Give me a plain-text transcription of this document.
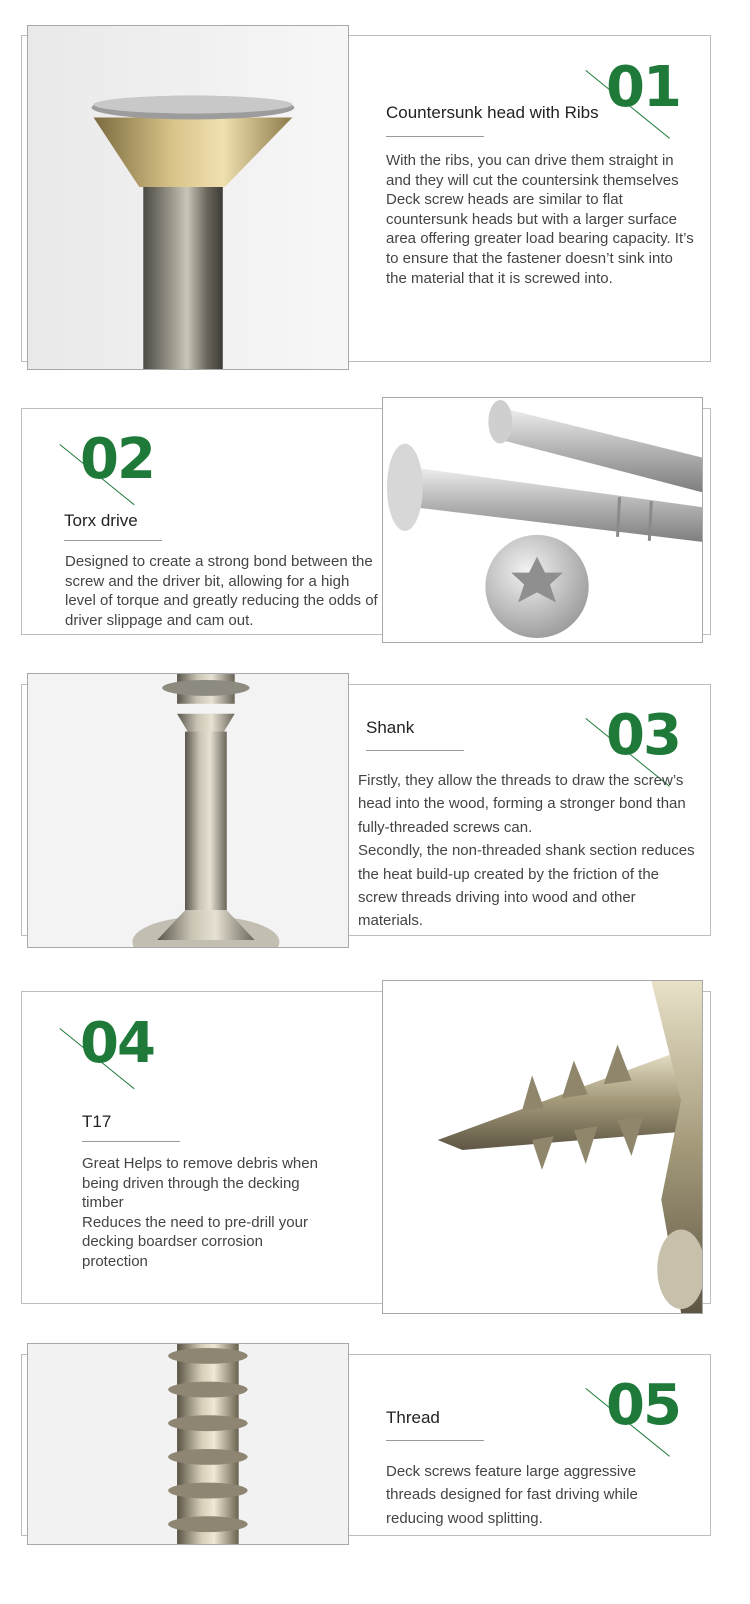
01
Countersunk head with Ribs

With the ribs, you can drive them straight in and they will cut the countersink themselves

Deck screw heads are similar to flat countersunk heads but with a larger surface area offering greater load bearing capacity. It’s to ensure that the fastener doesn’t sink into the material that it is screwed into.

02
Torx drive

Designed to create a strong bond between the screw and the driver bit, allowing for a high level of torque and greatly reducing the odds of driver slippage and cam out.

03
Shank

Firstly, they allow the threads to draw the screw’s head into the wood, forming a stronger bond than fully-threaded screws can.

Secondly, the non-threaded shank section reduces the heat build-up created by the friction of the screw threads driving into wood and other materials.

04
T17

Great Helps to remove debris when being driven through the decking timber

Reduces the need to pre-drill your decking boardser corrosion protection

05
Thread

Deck screws feature large aggressive threads designed for fast driving while reducing wood splitting.
